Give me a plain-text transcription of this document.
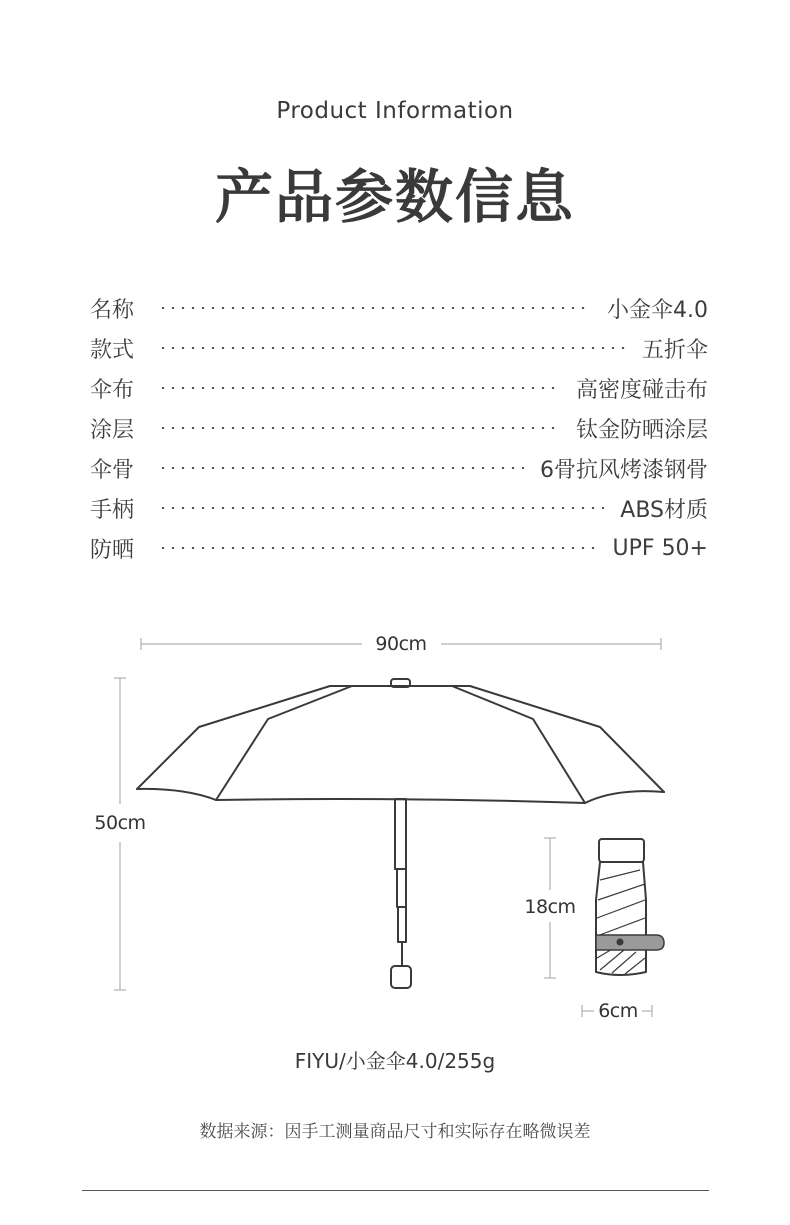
Product Information
产品参数信息
名称	小金伞4.0
款式	五折伞
伞布	高密度碰击布
涂层	钛金防晒涂层
伞骨	6骨抗风烤漆钢骨
手柄	ABS材质
防晒	UPF 50+
90cm
50cm
18cm
6cm
FIYU/小金伞4.0/255g
数据来源：因手工测量商品尺寸和实际存在略微误差
